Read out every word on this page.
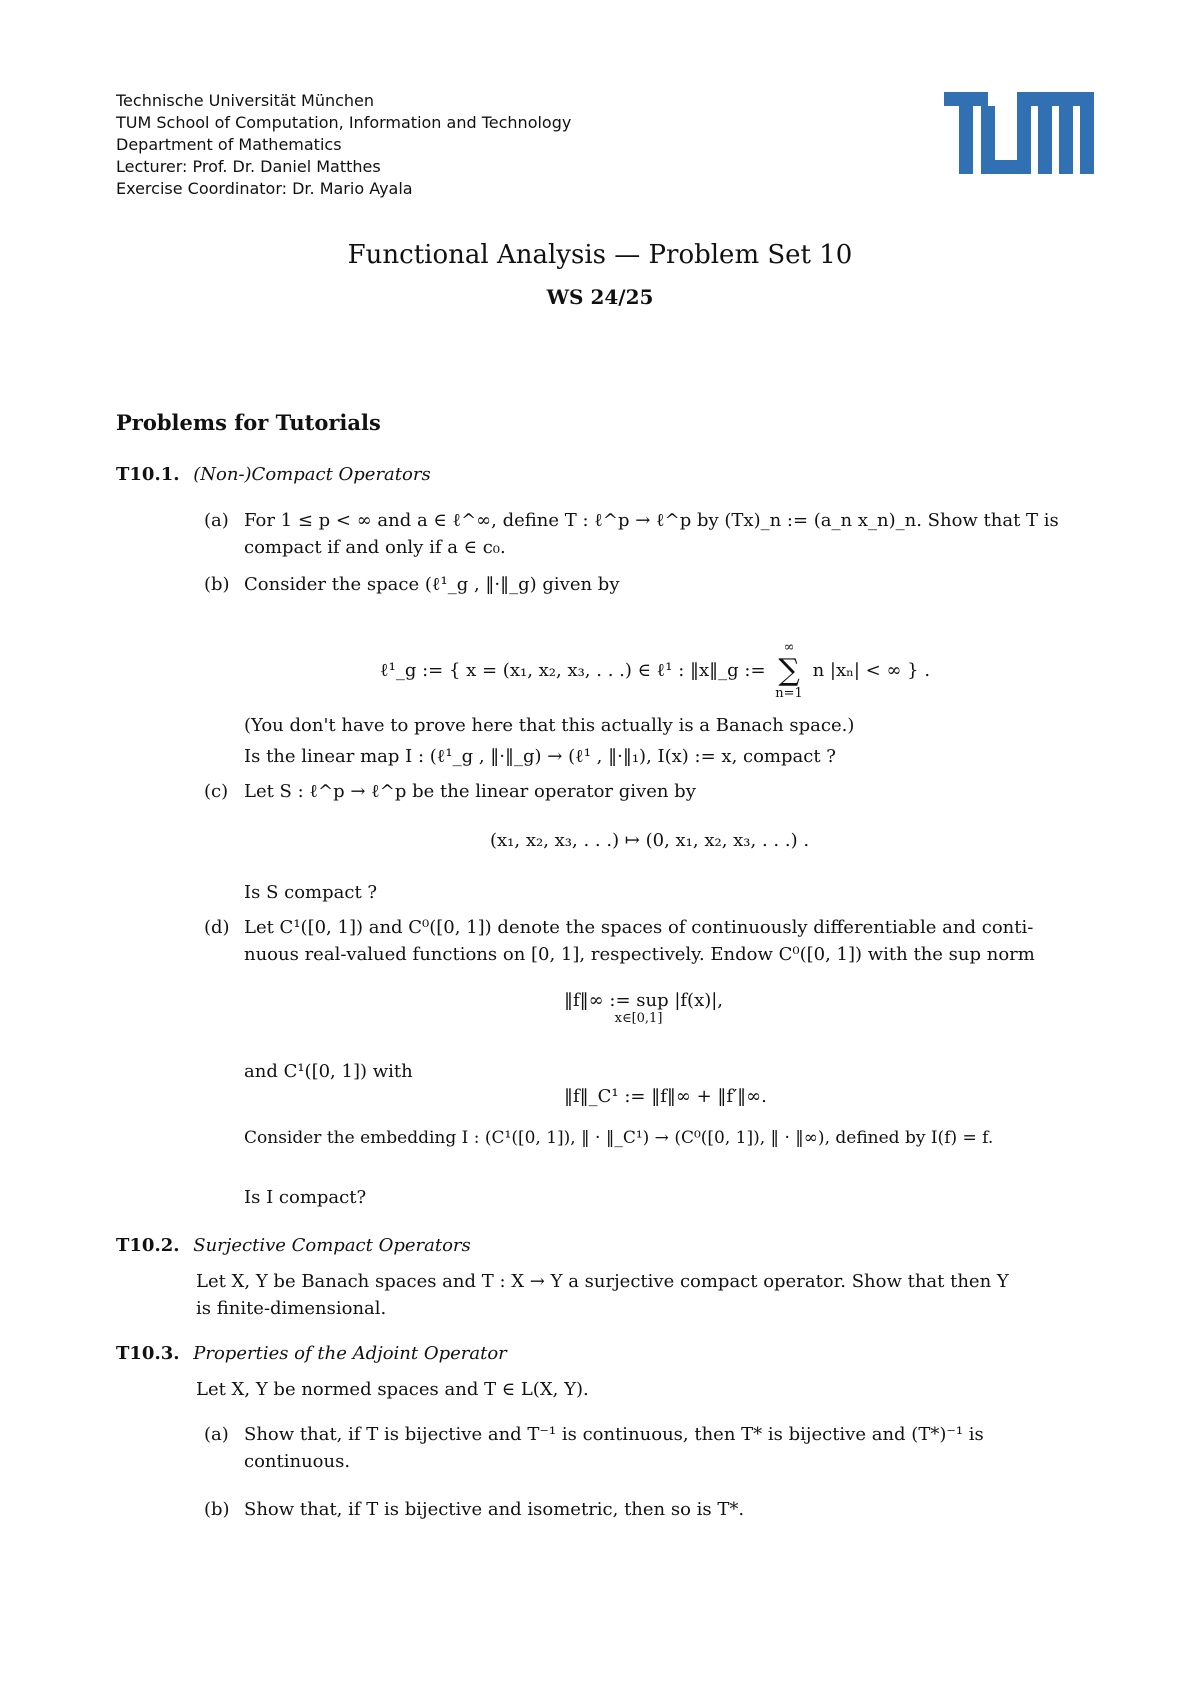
Technische Universität München
TUM School of Computation, Information and Technology
Department of Mathematics
Lecturer: Prof. Dr. Daniel Matthes
Exercise Coordinator: Dr. Mario Ayala
Functional Analysis — Problem Set 10
WS 24/25
Problems for Tutorials
T10.1. (Non-)Compact Operators
(a) For 1 ≤ p < ∞ and a ∈ ℓ^∞, define T : ℓ^p → ℓ^p by (Tx)_n := (a_n x_n)_n. Show that T is
compact if and only if a ∈ c₀.
(b) Consider the space (ℓ¹_g , ‖·‖_g) given by
ℓ¹_g := { x = (x₁, x₂, x₃, . . .) ∈ ℓ¹ : ‖x‖_g :=
∞
∑
n=1
n |xₙ| < ∞ } .
(You don't have to prove here that this actually is a Banach space.)
Is the linear map I : (ℓ¹_g , ‖·‖_g) → (ℓ¹ , ‖·‖₁), I(x) := x, compact ?
(c) Let S : ℓ^p → ℓ^p be the linear operator given by
(x₁, x₂, x₃, . . .) ↦ (0, x₁, x₂, x₃, . . .) .
Is S compact ?
(d) Let C¹([0, 1]) and C⁰([0, 1]) denote the spaces of continuously differentiable and conti-
nuous real-valued functions on [0, 1], respectively. Endow C⁰([0, 1]) with the sup norm
‖f‖∞ := sup |f(x)|,
x∈[0,1]
and C¹([0, 1]) with
‖f‖_C¹ := ‖f‖∞ + ‖f′‖∞.
Consider the embedding I : (C¹([0, 1]), ‖ · ‖_C¹) → (C⁰([0, 1]), ‖ · ‖∞), defined by I(f) = f.
Is I compact?
T10.2. Surjective Compact Operators
Let X, Y be Banach spaces and T : X → Y a surjective compact operator. Show that then Y
is finite-dimensional.
T10.3. Properties of the Adjoint Operator
Let X, Y be normed spaces and T ∈ L(X, Y).
(a) Show that, if T is bijective and T⁻¹ is continuous, then T* is bijective and (T*)⁻¹ is
continuous.
(b) Show that, if T is bijective and isometric, then so is T*.
